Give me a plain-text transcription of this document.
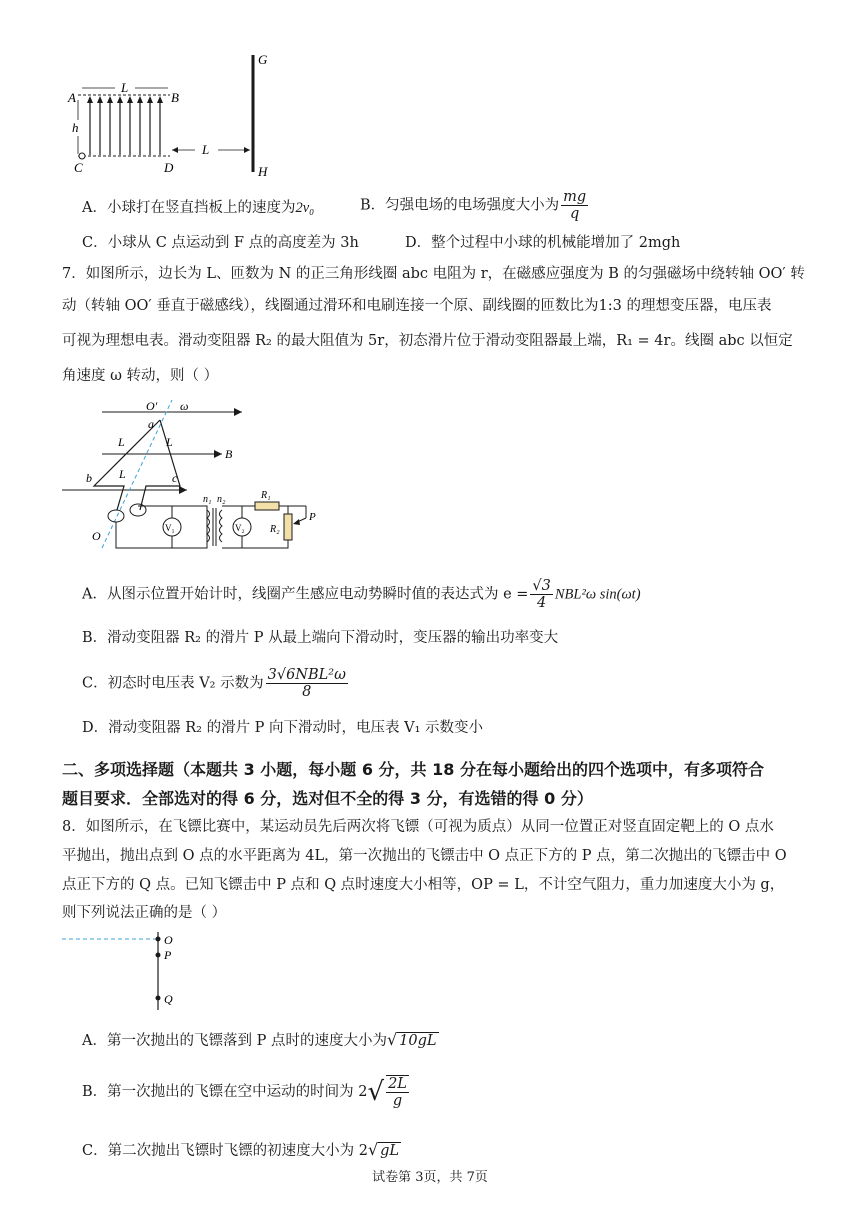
A	B
L
h
C	D
L
G
H
A．小球打在竖直挡板上的速度为2v₀	B．匀强电场的电场强度大小为 $\frac{mg}{q}$
C．小球从 C 点运动到 F 点的高度差为 3h	D．整个过程中小球的机械能增加了 2mgh
7．如图所示，边长为 L、匝数为 N 的正三角形线圈 abc 电阻为 r，在磁感应强度为 B 的匀强磁场中绕转轴 OO′ 转
动（转轴 OO′ 垂直于磁感线），线圈通过滑环和电刷连接一个原、副线圈的匝数比为1:3 的理想变压器，电压表
可视为理想电表。滑动变阻器 R₂ 的最大阻值为 5r，初态滑片位于滑动变阻器最上端，R₁ = 4r。线圈 abc 以恒定
角速度 ω 转动，则（ ）
O′ ω
a
L	L
B
L
b	c
O
n₁ n₂	R₁
R₂
P
V₁	V₂
A．从图示位置开始计时，线圈产生感应电动势瞬时值的表达式为 $e = \frac{√3}{4} NBL^2\omega$ sin(ωt)
B．滑动变阻器 R₂ 的滑片 P 从最上端向下滑动时，变压器的输出功率变大
C．初态时电压表 V₂ 示数为 $\frac{\text{3√6NBL²ω}}{8}$
D．滑动变阻器 R₂ 的滑片 P 向下滑动时，电压表 V₁ 示数变小
二、多项选择题（本题共 3 小题，每小题 6 分，共 18 分在每小题给出的四个选项中，有多项符合
题目要求．全部选对的得 6 分，选对但不全的得 3 分，有选错的得 0 分）
8．如图所示，在飞镖比赛中，某运动员先后两次将飞镖（可视为质点）从同一位置正对竖直固定靶上的 O 点水
平抛出，抛出点到 O 点的水平距离为 4L，第一次抛出的飞镖击中 O 点正下方的 P 点，第二次抛出的飞镖击中 O
点正下方的 Q 点。已知飞镖击中 P 点和 Q 点时速度大小相等，OP = L，不计空气阻力，重力加速度大小为 g，
则下列说法正确的是（ ）
O
P
Q
A．第一次抛出的飞镖落到 P 点时的速度大小为√ 10gL
B．第一次抛出的飞镖在空中运动的时间为 $2√ \frac{2L}{g}$
C．第二次抛出飞镖时飞镖的初速度大小为 2√ gL
试卷第 3页，共 7页
